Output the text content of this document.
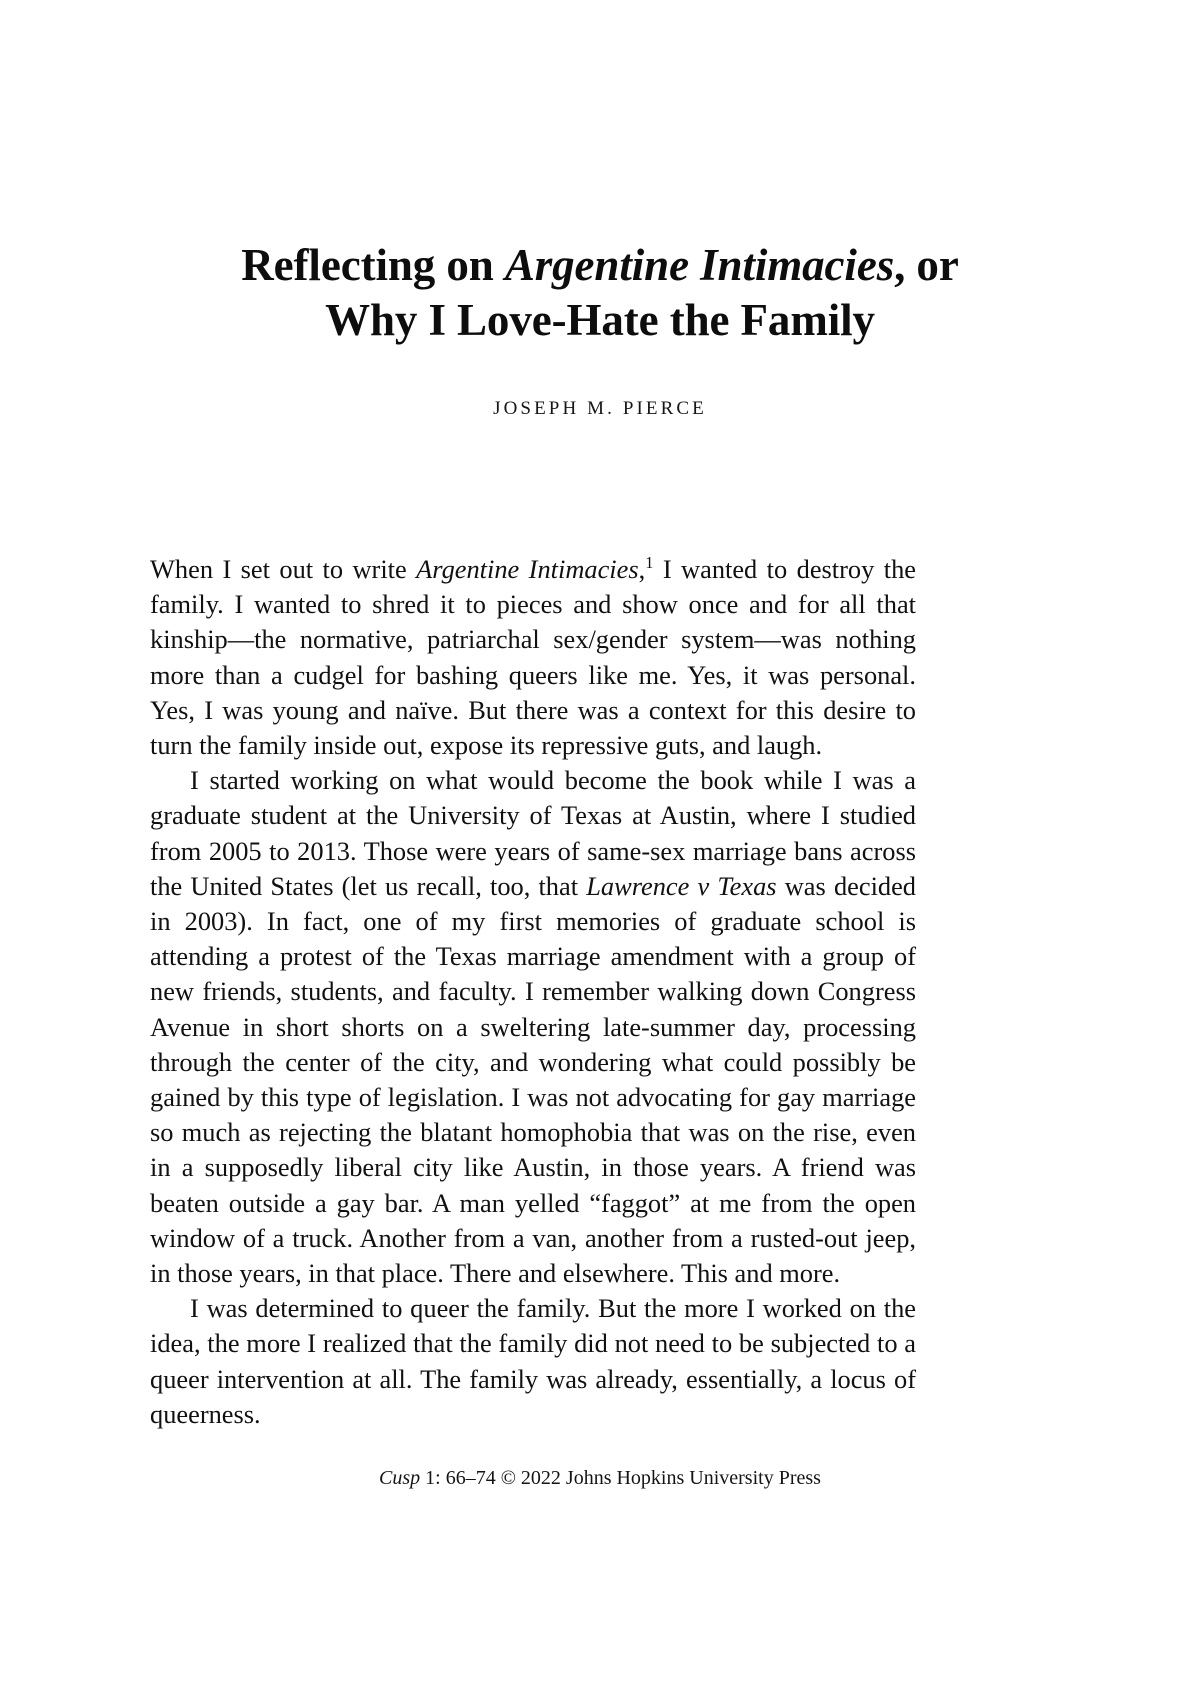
Reflecting on Argentine Intimacies, or
Why I Love-Hate the Family
JOSEPH M. PIERCE

When I set out to write Argentine Intimacies,$^1$ I wanted to destroy the family. I wanted to shred it to pieces and show once and for all that kinship—the normative, patriarchal sex/gender system—was nothing more than a cudgel for bashing queers like me. Yes, it was personal. Yes, I was young and naïve. But there was a context for this desire to turn the family inside out, expose its repressive guts, and laugh.

I started working on what would become the book while I was a graduate student at the University of Texas at Austin, where I studied from 2005 to 2013. Those were years of same-sex marriage bans across the United States (let us recall, too, that Lawrence v Texas was decided in 2003). In fact, one of my first memories of graduate school is attending a protest of the Texas marriage amendment with a group of new friends, students, and faculty. I remember walking down Congress Avenue in short shorts on a sweltering late-summer day, processing through the center of the city, and wondering what could possibly be gained by this type of legislation. I was not advocating for gay marriage so much as rejecting the blatant homophobia that was on the rise, even in a supposedly liberal city like Austin, in those years. A friend was beaten outside a gay bar. A man yelled “faggot” at me from the open window of a truck. Another from a van, another from a rusted-out jeep, in those years, in that place. There and elsewhere. This and more.

I was determined to queer the family. But the more I worked on the idea, the more I realized that the family did not need to be subjected to a queer intervention at all. The family was already, essentially, a locus of queerness.

Cusp 1: 66–74 © 2022 Johns Hopkins University Press
